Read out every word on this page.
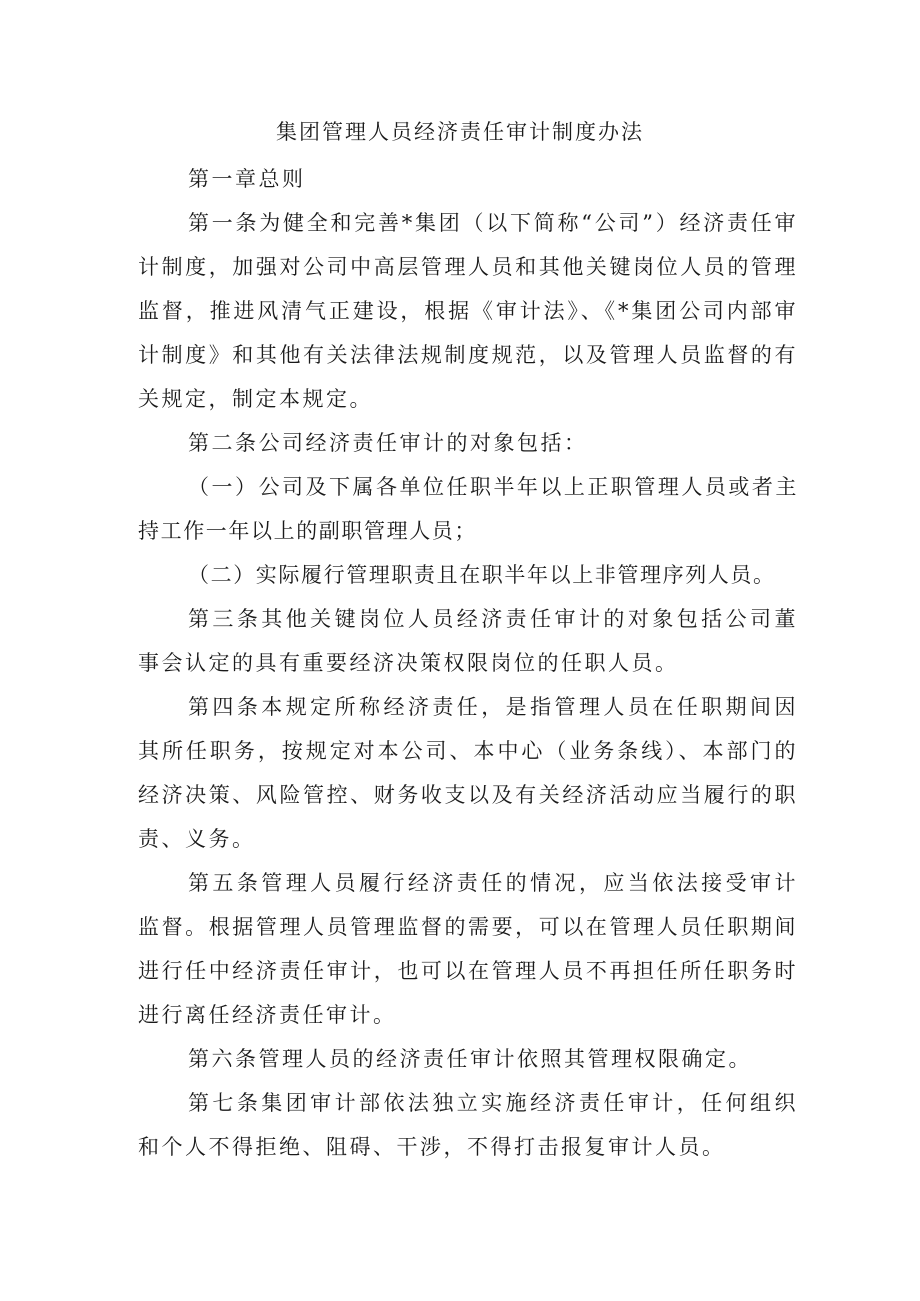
集团管理人员经济责任审计制度办法

第一章总则

第一条为健全和完善*集团（以下简称“公司”）经济责任审计制度，加强对公司中高层管理人员和其他关键岗位人员的管理监督，推进风清气正建设，根据《审计法》、《*集团公司内部审计制度》和其他有关法律法规制度规范，以及管理人员监督的有关规定，制定本规定。

第二条公司经济责任审计的对象包括：

（一）公司及下属各单位任职半年以上正职管理人员或者主持工作一年以上的副职管理人员；

（二）实际履行管理职责且在职半年以上非管理序列人员。

第三条其他关键岗位人员经济责任审计的对象包括公司董事会认定的具有重要经济决策权限岗位的任职人员。

第四条本规定所称经济责任，是指管理人员在任职期间因其所任职务，按规定对本公司、本中心（业务条线）、本部门的经济决策、风险管控、财务收支以及有关经济活动应当履行的职责、义务。

第五条管理人员履行经济责任的情况，应当依法接受审计监督。根据管理人员管理监督的需要，可以在管理人员任职期间进行任中经济责任审计，也可以在管理人员不再担任所任职务时进行离任经济责任审计。

第六条管理人员的经济责任审计依照其管理权限确定。

第七条集团审计部依法独立实施经济责任审计，任何组织和个人不得拒绝、阻碍、干涉，不得打击报复审计人员。
